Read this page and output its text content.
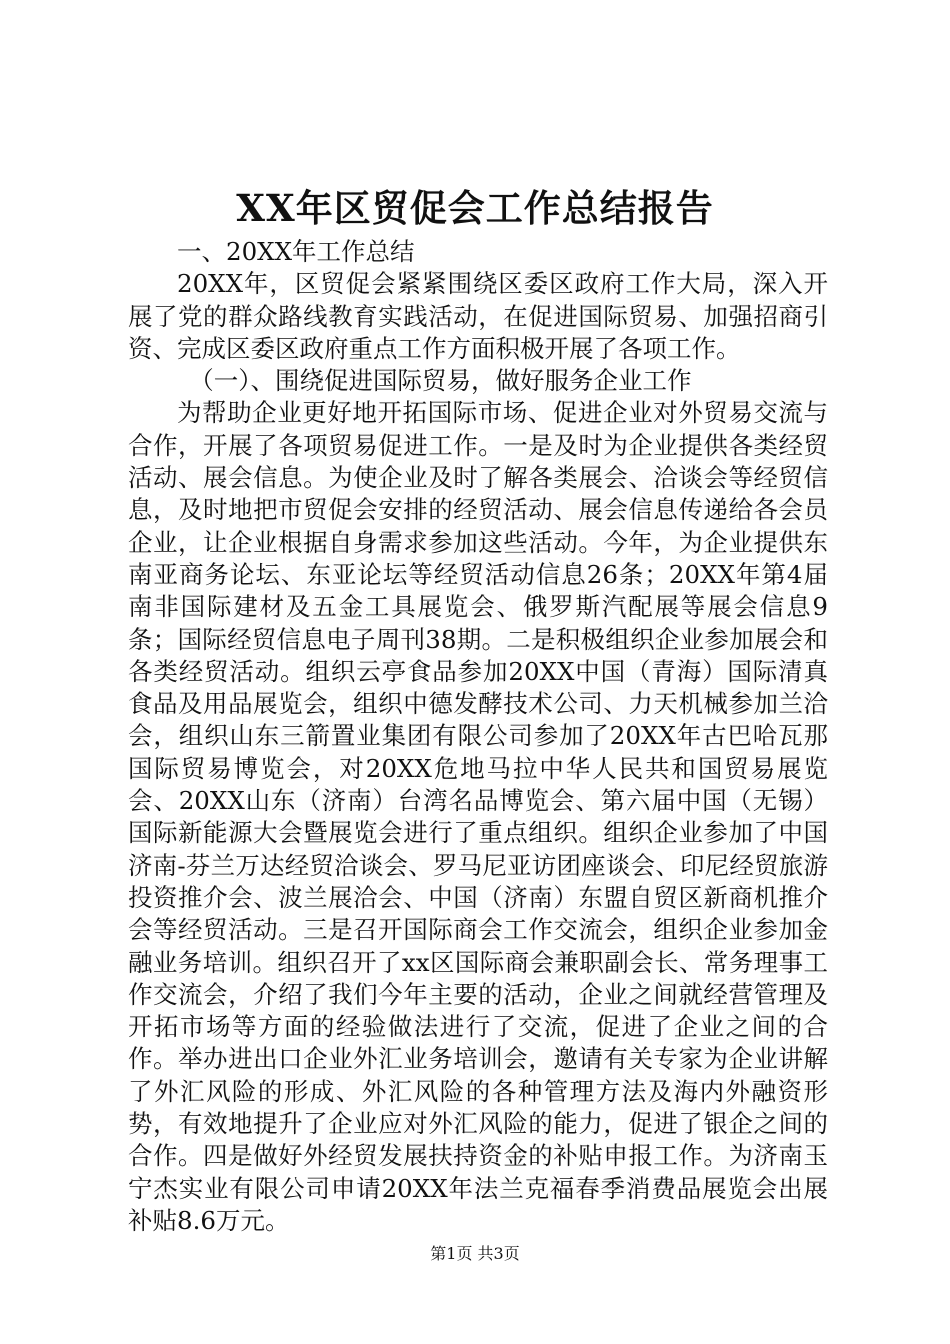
XX年区贸促会工作总结报告

一、20XX年工作总结

20XX年，区贸促会紧紧围绕区委区政府工作大局，深入开展了党的群众路线教育实践活动，在促进国际贸易、加强招商引资、完成区委区政府重点工作方面积极开展了各项工作。

（一）、围绕促进国际贸易，做好服务企业工作

为帮助企业更好地开拓国际市场、促进企业对外贸易交流与合作，开展了各项贸易促进工作。一是及时为企业提供各类经贸活动、展会信息。为使企业及时了解各类展会、洽谈会等经贸信息，及时地把市贸促会安排的经贸活动、展会信息传递给各会员企业，让企业根据自身需求参加这些活动。今年，为企业提供东南亚商务论坛、东亚论坛等经贸活动信息26条；20XX年第4届南非国际建材及五金工具展览会、俄罗斯汽配展等展会信息9条；国际经贸信息电子周刊38期。二是积极组织企业参加展会和各类经贸活动。组织云亭食品参加20XX中国（青海）国际清真食品及用品展览会，组织中德发酵技术公司、力天机械参加兰洽会，组织山东三箭置业集团有限公司参加了20XX年古巴哈瓦那国际贸易博览会，对20XX危地马拉中华人民共和国贸易展览会、20XX山东（济南）台湾名品博览会、第六届中国（无锡）国际新能源大会暨展览会进行了重点组织。组织企业参加了中国济南-芬兰万达经贸洽谈会、罗马尼亚访团座谈会、印尼经贸旅游投资推介会、波兰展洽会、中国（济南）东盟自贸区新商机推介会等经贸活动。三是召开国际商会工作交流会，组织企业参加金融业务培训。组织召开了xx区国际商会兼职副会长、常务理事工作交流会，介绍了我们今年主要的活动，企业之间就经营管理及开拓市场等方面的经验做法进行了交流，促进了企业之间的合作。举办进出口企业外汇业务培训会，邀请有关专家为企业讲解了外汇风险的形成、外汇风险的各种管理方法及海内外融资形势，有效地提升了企业应对外汇风险的能力，促进了银企之间的合作。四是做好外经贸发展扶持资金的补贴申报工作。为济南玉宁杰实业有限公司申请20XX年法兰克福春季消费品展览会出展补贴8.6万元。

第1页 共3页
